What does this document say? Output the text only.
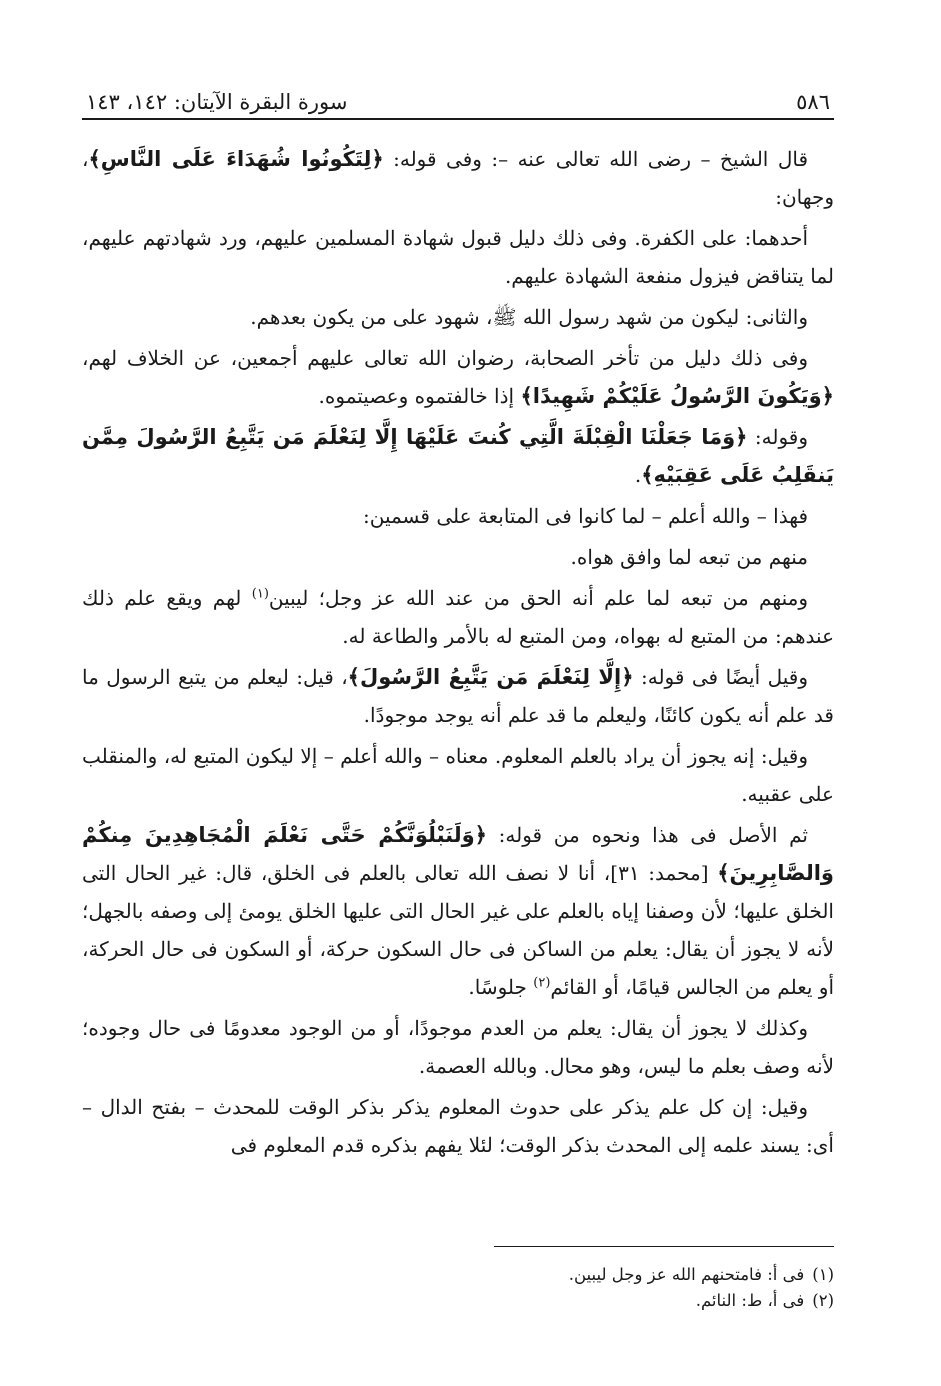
٥٨٦
سورة البقرة الآيتان: ١٤٢، ١٤٣

قال الشيخ – رضى الله تعالى عنه –: وفى قوله: ﴿لِتَكُونُوا شُهَدَاءَ عَلَى النَّاسِ﴾، وجهان:

أحدهما: على الكفرة. وفى ذلك دليل قبول شهادة المسلمين عليهم، ورد شهادتهم عليهم، لما يتناقض فيزول منفعة الشهادة عليهم.

والثانى: ليكون من شهد رسول الله ﷺ، شهود على من يكون بعدهم.

وفى ذلك دليل من تأخر الصحابة، رضوان الله تعالى عليهم أجمعين، عن الخلاف لهم، ﴿وَيَكُونَ الرَّسُولُ عَلَيْكُمْ شَهِيدًا﴾ إذا خالفتموه وعصيتموه.

وقوله: ﴿وَمَا جَعَلْنَا الْقِبْلَةَ الَّتِي كُنتَ عَلَيْهَا إِلَّا لِنَعْلَمَ مَن يَتَّبِعُ الرَّسُولَ مِمَّن يَنقَلِبُ عَلَى عَقِبَيْهِ﴾.

فهذا – والله أعلم – لما كانوا فى المتابعة على قسمين:

منهم من تبعه لما وافق هواه.

ومنهم من تبعه لما علم أنه الحق من عند الله عز وجل؛ ليبين$^{(١)}$ لهم ويقع علم ذلك عندهم: من المتبع له بهواه، ومن المتبع له بالأمر والطاعة له.

وقيل أيضًا فى قوله: ﴿إِلَّا لِنَعْلَمَ مَن يَتَّبِعُ الرَّسُولَ﴾، قيل: ليعلم من يتبع الرسول ما قد علم أنه يكون كائنًا، وليعلم ما قد علم أنه يوجد موجودًا.

وقيل: إنه يجوز أن يراد بالعلم المعلوم. معناه – والله أعلم – إلا ليكون المتبع له، والمنقلب على عقبيه.

ثم الأصل فى هذا ونحوه من قوله: ﴿وَلَنَبْلُوَنَّكُمْ حَتَّى نَعْلَمَ الْمُجَاهِدِينَ مِنكُمْ وَالصَّابِرِينَ﴾ [محمد: ٣١]، أنا لا نصف الله تعالى بالعلم فى الخلق، قال: غير الحال التى الخلق عليها؛ لأن وصفنا إياه بالعلم على غير الحال التى عليها الخلق يومئ إلى وصفه بالجهل؛ لأنه لا يجوز أن يقال: يعلم من الساكن فى حال السكون حركة، أو السكون فى حال الحركة، أو يعلم من الجالس قيامًا، أو القائم$^{(٢)}$ جلوسًا.

وكذلك لا يجوز أن يقال: يعلم من العدم موجودًا، أو من الوجود معدومًا فى حال وجوده؛ لأنه وصف بعلم ما ليس، وهو محال. وبالله العصمة.

وقيل: إن كل علم يذكر على حدوث المعلوم يذكر بذكر الوقت للمحدث – بفتح الدال – أى: يسند علمه إلى المحدث بذكر الوقت؛ لئلا يفهم بذكره قدم المعلوم فى

(١)فى أ: فامتحنهم الله عز وجل ليبين.

(٢)فى أ، ط: النائم.
